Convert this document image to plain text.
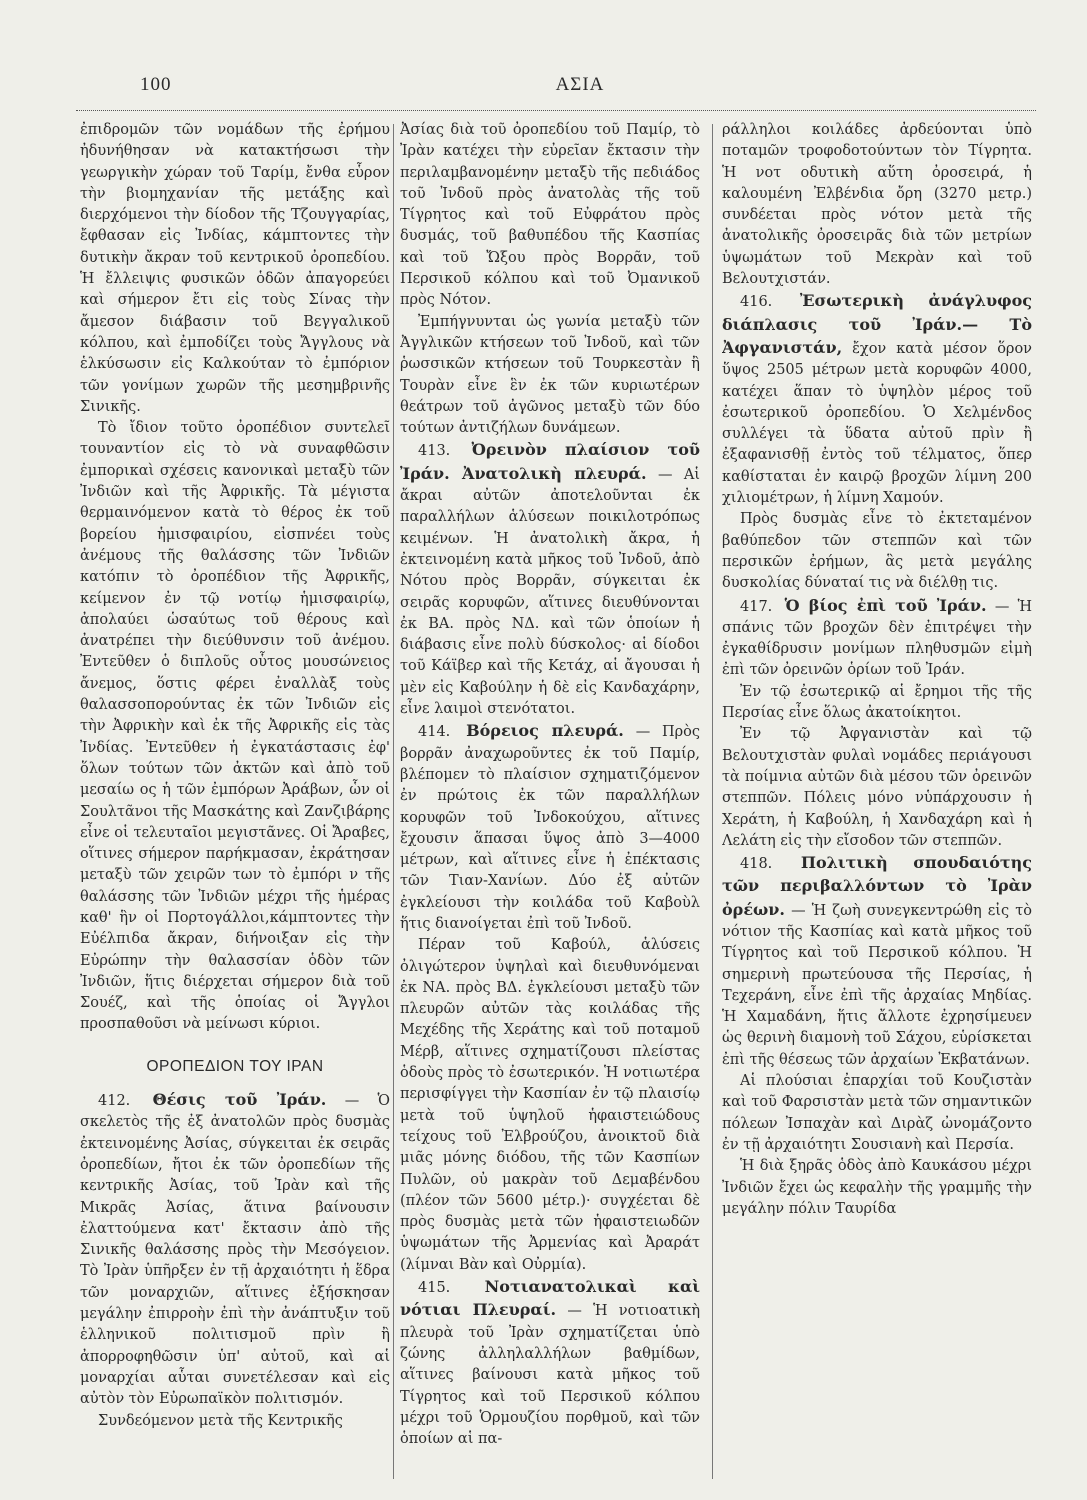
100	ΑΣΙΑ

ἐπιδρομῶν τῶν νομάδων τῆς ἐρήμου ἠδυνήθησαν νὰ κατακτήσωσι τὴν γεωργικὴν χώραν τοῦ Ταρίμ, ἔνθα εὗρον τὴν βιομηχανίαν τῆς μετάξης καὶ διερχόμενοι τὴν δίοδον τῆς Τζουγγαρίας, ἔφθασαν εἰς Ἰνδίας, κάμπτοντες τὴν δυτικὴν ἄκραν τοῦ κεντρικοῦ ὀροπεδίου. Ἡ ἔλλειψις φυσικῶν ὁδῶν ἀπαγορεύει καὶ σήμερον ἔτι εἰς τοὺς Σίνας τὴν ἄμεσον διάβασιν τοῦ Βεγγαλικοῦ κόλπου, καὶ ἐμποδίζει τοὺς Ἄγγλους νὰ ἑλκύσωσιν εἰς Καλκούταν τὸ ἐμπόριον τῶν γονίμων χωρῶν τῆς μεσημβρινῆς Σινικῆς.

Τὸ ἴδιον τοῦτο ὀροπέδιον συντελεῖ τουναντίον εἰς τὸ νὰ συναφθῶσιν ἐμπορικαὶ σχέσεις κανονικαὶ μεταξὺ τῶν Ἰνδιῶν καὶ τῆς Ἀφρικῆς. Τὰ μέγιστα θερμαινόμενον κατὰ τὸ θέρος ἐκ τοῦ βορείου ἡμισφαιρίου, εἰσπνέει τοὺς ἀνέμους τῆς θαλάσσης τῶν Ἰνδιῶν κατόπιν τὸ ὀροπέδιον τῆς Ἀφρικῆς, κείμενον ἐν τῷ νοτίῳ ἡμισφαιρίῳ, ἀπολαύει ὡσαύτως τοῦ θέρους καὶ ἀνατρέπει τὴν διεύθυνσιν τοῦ ἀνέμου. Ἐντεῦθεν ὁ διπλοῦς οὗτος μουσώνειος ἄνεμος, ὅστις φέρει ἐναλλὰξ τοὺς θαλασσοπορούντας ἐκ τῶν Ἰνδιῶν εἰς τὴν Ἀφρικὴν καὶ ἐκ τῆς Ἀφρικῆς εἰς τὰς Ἰνδίας. Ἐντεῦθεν ἡ ἐγκατάστασις ἐφ' ὅλων τούτων τῶν ἀκτῶν καὶ ἀπὸ τοῦ μεσαίω ος ἡ τῶν ἐμπόρων Ἀράβων, ὧν οἱ Σουλτᾶνοι τῆς Μασκάτης καὶ Ζανζιβάρης εἶνε οἱ τελευταῖοι μεγιστᾶνες. Οἱ Ἄραβες, οἵτινες σήμερον παρήκμασαν, ἐκράτησαν μεταξὺ τῶν χειρῶν των τὸ ἐμπόρι ν τῆς θαλάσσης τῶν Ἰνδιῶν μέχρι τῆς ἡμέρας καθ' ἣν οἱ Πορτογάλλοι,κάμπτοντες τὴν Εὐέλπιδα ἄκραν, διήνοιξαν εἰς τὴν Εὐρώπην τὴν θαλασσίαν ὁδὸν τῶν Ἰνδιῶν, ἥτις διέρχεται σήμερον διὰ τοῦ Σουέζ, καὶ τῆς ὁποίας οἱ Ἄγγλοι προσπαθοῦσι νὰ μείνωσι κύριοι.

ΟΡΟΠΕΔΙΟΝ ΤΟΥ ΙΡΑΝ

412. Θέσις τοῦ Ἰράν. — Ὁ σκελετὸς τῆς ἐξ ἀνατολῶν πρὸς δυσμὰς ἐκτεινομένης Ἀσίας, σύγκειται ἐκ σειρᾶς ὀροπεδίων, ἤτοι ἐκ τῶν ὀροπεδίων τῆς κεντρικῆς Ἀσίας, τοῦ Ἰρὰν καὶ τῆς Μικρᾶς Ἀσίας, ἅτινα βαίνουσιν ἐλαττούμενα κατ' ἔκτασιν ἀπὸ τῆς Σινικῆς θαλάσσης πρὸς τὴν Μεσόγειον. Τὸ Ἰρὰν ὑπῆρξεν ἐν τῇ ἀρχαιότητι ἡ ἕδρα τῶν μοναρχιῶν, αἵτινες ἐξήσκησαν μεγάλην ἐπιρροὴν ἐπὶ τὴν ἀνάπτυξιν τοῦ ἑλληνικοῦ πολιτισμοῦ πρὶν ἢ ἀπορροφηθῶσιν ὑπ' αὐτοῦ, καὶ αἱ μοναρχίαι αὗται συνετέλεσαν καὶ εἰς αὐτὸν τὸν Εὐρωπαϊκὸν πολιτισμόν.

Συνδεόμενον μετὰ τῆς Κεντρικῆς

Ἀσίας διὰ τοῦ ὀροπεδίου τοῦ Παμίρ, τὸ Ἰρὰν κατέχει τὴν εὐρεῖαν ἔκτασιν τὴν περιλαμβανομένην μεταξὺ τῆς πεδιάδος τοῦ Ἰνδοῦ πρὸς ἀνατολὰς τῆς τοῦ Τίγρητος καὶ τοῦ Εὐφράτου πρὸς δυσμάς, τοῦ βαθυπέδου τῆς Κασπίας καὶ τοῦ Ὤξου πρὸς Βορρᾶν, τοῦ Περσικοῦ κόλπου καὶ τοῦ Ὀμανικοῦ πρὸς Νότον.

Ἐμπήγνυνται ὡς γωνία μεταξὺ τῶν Ἀγγλικῶν κτήσεων τοῦ Ἰνδοῦ, καὶ τῶν ῥωσσικῶν κτήσεων τοῦ Τουρκεστὰν ἢ Τουρὰν εἶνε ἓν ἐκ τῶν κυριωτέρων θεάτρων τοῦ ἀγῶνος μεταξὺ τῶν δύο τούτων ἀντιζήλων δυνάμεων.

413. Ὀρεινὸν πλαίσιον τοῦ Ἰράν. Ἀνατολικὴ πλευρά. — Αἱ ἄκραι αὐτῶν ἀποτελοῦνται ἐκ παραλλήλων ἁλύσεων ποικιλοτρόπως κειμένων. Ἡ ἀνατολικὴ ἄκρα, ἡ ἐκτεινομένη κατὰ μῆκος τοῦ Ἰνδοῦ, ἀπὸ Νότου πρὸς Βορρᾶν, σύγκειται ἐκ σειρᾶς κορυφῶν, αἵτινες διευθύνονται ἐκ ΒΑ. πρὸς ΝΔ. καὶ τῶν ὁποίων ἡ διάβασις εἶνε πολὺ δύσκολος· αἱ δίοδοι τοῦ Κάϊβερ καὶ τῆς Κετάχ, αἱ ἄγουσαι ἡ μὲν εἰς Καβούλην ἡ δὲ εἰς Κανδαχάρην, εἶνε λαιμοὶ στενότατοι.

414. Βόρειος πλευρά. — Πρὸς βορρᾶν ἀναχωροῦντες ἐκ τοῦ Παμίρ, βλέπομεν τὸ πλαίσιον σχηματιζόμενον ἐν πρώτοις ἐκ τῶν παραλλήλων κορυφῶν τοῦ Ἰνδοκούχου, αἵτινες ἔχουσιν ἅπασαι ὕψος ἀπὸ 3—4000 μέτρων, καὶ αἵτινες εἶνε ἡ ἐπέκτασις τῶν Τιαν-Χανίων. Δύο ἐξ αὐτῶν ἐγκλείουσι τὴν κοιλάδα τοῦ Καβοὺλ ἥτις διανοίγεται ἐπὶ τοῦ Ἰνδοῦ.

Πέραν τοῦ Καβούλ, ἁλύσεις ὀλιγώτερον ὑψηλαὶ καὶ διευθυνόμεναι ἐκ ΝΑ. πρὸς ΒΔ. ἐγκλείουσι μεταξὺ τῶν πλευρῶν αὐτῶν τὰς κοιλάδας τῆς Μεχέδης τῆς Χεράτης καὶ τοῦ ποταμοῦ Μέρβ, αἵτινες σχηματίζουσι πλείστας ὁδοὺς πρὸς τὸ ἐσωτερικόν. Ἡ νοτιωτέρα περισφίγγει τὴν Κασπίαν ἐν τῷ πλαισίῳ μετὰ τοῦ ὑψηλοῦ ἡφαιστειώδους τείχους τοῦ Ἐλβρούζου, ἀνοικτοῦ διὰ μιᾶς μόνης διόδου, τῆς τῶν Κασπίων Πυλῶν, οὐ μακρὰν τοῦ Δεμαβένδου (πλέον τῶν 5600 μέτρ.)· συγχέεται δὲ πρὸς δυσμὰς μετὰ τῶν ἡφαιστειωδῶν ὑψωμάτων τῆς Ἀρμενίας καὶ Ἀραράτ (λίμναι Βὰν καὶ Οὐρμία).

415. Νοτιανατολικαὶ καὶ νότιαι Πλευραί. — Ἡ νοτιοατικὴ πλευρὰ τοῦ Ἰρὰν σχηματίζεται ὑπὸ ζώνης ἀλληλαλλήλων βαθμίδων, αἵτινες βαίνουσι κατὰ μῆκος τοῦ Τίγρητος καὶ τοῦ Περσικοῦ κόλπου μέχρι τοῦ Ὁρμουζίου πορθμοῦ, καὶ τῶν ὁποίων αἱ πα-

ράλληλοι κοιλάδες ἀρδεύονται ὑπὸ ποταμῶν τροφοδοτούντων τὸν Τίγρητα. Ἡ νοτ οδυτικὴ αὕτη ὀροσειρά, ἡ καλουμένη Ἐλβένδια ὄρη (3270 μετρ.) συνδέεται πρὸς νότον μετὰ τῆς ἀνατολικῆς ὀροσειρᾶς διὰ τῶν μετρίων ὑψωμάτων τοῦ Μεκρὰν καὶ τοῦ Βελουτχιστάν.

416. Ἐσωτερικὴ ἀνάγλυφος διάπλασις τοῦ Ἰράν.— Τὸ Ἀφγανιστάν, ἔχον κατὰ μέσον ὅρον ὕψος 2505 μέτρων μετὰ κορυφῶν 4000, κατέχει ἅπαν τὸ ὑψηλὸν μέρος τοῦ ἐσωτερικοῦ ὀροπεδίου. Ὁ Χελμένδος συλλέγει τὰ ὕδατα αὐτοῦ πρὶν ἢ ἐξαφανισθῇ ἐντὸς τοῦ τέλματος, ὅπερ καθίσταται ἐν καιρῷ βροχῶν λίμνη 200 χιλιομέτρων, ἡ λίμνη Χαμούν.

Πρὸς δυσμὰς εἶνε τὸ ἐκτεταμένον βαθύπεδον τῶν στεππῶν καὶ τῶν περσικῶν ἐρήμων, ἃς μετὰ μεγάλης δυσκολίας δύναταί τις νὰ διέλθῃ τις.

417. Ὁ βίος ἐπὶ τοῦ Ἰράν. — Ἡ σπάνις τῶν βροχῶν δὲν ἐπιτρέψει τὴν ἐγκαθίδρυσιν μονίμων πληθυσμῶν εἰμὴ ἐπὶ τῶν ὀρεινῶν ὁρίων τοῦ Ἰράν.

Ἐν τῷ ἐσωτερικῷ αἱ ἔρημοι τῆς τῆς Περσίας εἶνε ὅλως ἀκατοίκητοι.

Ἐν τῷ Ἀφγανιστὰν καὶ τῷ Βελουτχιστὰν φυλαὶ νομάδες περιάγουσι τὰ ποίμνια αὐτῶν διὰ μέσου τῶν ὀρεινῶν στεππῶν. Πόλεις μόνο νὑπάρχουσιν ἡ Χεράτη, ἡ Καβούλη, ἡ Χανδαχάρη καὶ ἡ Λελάτη εἰς τὴν εἴσοδον τῶν στεππῶν.

418. Πολιτικὴ σπουδαιότης τῶν περιβαλλόντων τὸ Ἰρὰν ὀρέων. — Ἡ ζωὴ συνεγκεντρώθη εἰς τὸ νότιον τῆς Κασπίας καὶ κατὰ μῆκος τοῦ Τίγρητος καὶ τοῦ Περσικοῦ κόλπου. Ἡ σημερινὴ πρωτεύουσα τῆς Περσίας, ἡ Τεχεράνη, εἶνε ἐπὶ τῆς ἀρχαίας Μηδίας. Ἡ Χαμαδάνη, ἥτις ἄλλοτε ἐχρησίμευεν ὡς θερινὴ διαμονὴ τοῦ Σάχου, εὑρίσκεται ἐπὶ τῆς θέσεως τῶν ἀρχαίων Ἐκβατάνων.

Αἱ πλούσιαι ἐπαρχίαι τοῦ Κουζιστὰν καὶ τοῦ Φαρσιστὰν μετὰ τῶν σημαντικῶν πόλεων Ἰσπαχὰν καὶ Διρὰζ ὠνομάζοντο ἐν τῇ ἀρχαιότητι Σουσιανὴ καὶ Περσία.

Ἡ διὰ ξηρᾶς ὁδὸς ἀπὸ Καυκάσου μέχρι Ἰνδιῶν ἔχει ὡς κεφαλὴν τῆς γραμμῆς τὴν μεγάλην πόλιν Ταυρίδα
